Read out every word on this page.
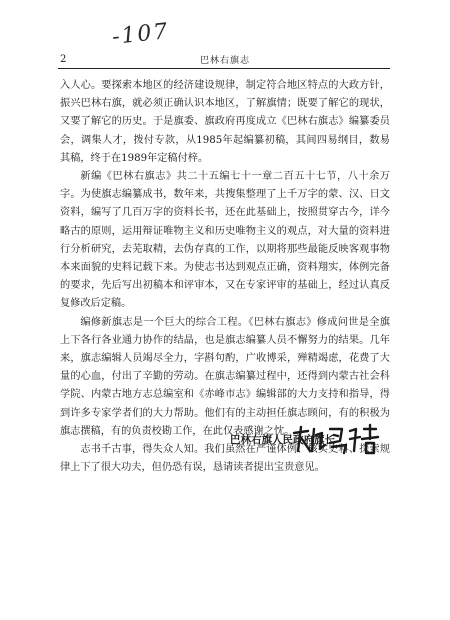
2	巴林右旗志
-107

入人心。要探索本地区的经济建设规律，制定符合地区特点的大政方针，振兴巴林右旗，就必须正确认识本地区，了解旗情；既要了解它的现状，又要了解它的历史。于是旗委、旗政府再度成立《巴林右旗志》编纂委员会，调集人才，拨付专款，从1985年起编纂初稿，其间四易纲目，数易其稿，终于在1989年定稿付梓。

新编《巴林右旗志》共二十五编七十一章二百五十七节，八十余万字。为使旗志编纂成书，数年来，共搜集整理了上千万字的蒙、汉、日文资料，编写了几百万字的资料长书，还在此基础上，按照贯穿古今，详今略古的原则，运用辩证唯物主义和历史唯物主义的观点，对大量的资料进行分析研究，去芜取精，去伪存真的工作，以期将那些最能反映客观事物本来面貌的史料记载下来。为使志书达到观点正确，资料翔实，体例完备的要求，先后写出初稿本和评审本，又在专家评审的基础上，经过认真反复修改后定稿。

编修新旗志是一个巨大的综合工程。《巴林右旗志》修成问世是全旗上下各行各业通力协作的结晶，也是旗志编纂人员不懈努力的结果。几年来，旗志编辑人员竭尽全力，字斟句酌，广收博采，殚精竭虑，花费了大量的心血，付出了辛勤的劳动。在旗志编纂过程中，还得到内蒙古社会科学院、内蒙古地方志总编室和《赤峰市志》编辑部的大力支持和指导，得到许多专家学者们的大力帮助。他们有的主动担任旗志顾问，有的积极为旗志撰稿，有的负责校勘工作，在此仅表感谢之忱。

志书千古事，得失众人知。我们虽然在严谨体例、核实史料、探索规律上下了很大功夫，但仍恐有误，恳请读者提出宝贵意见。

巴林右旗人民政府旗长
